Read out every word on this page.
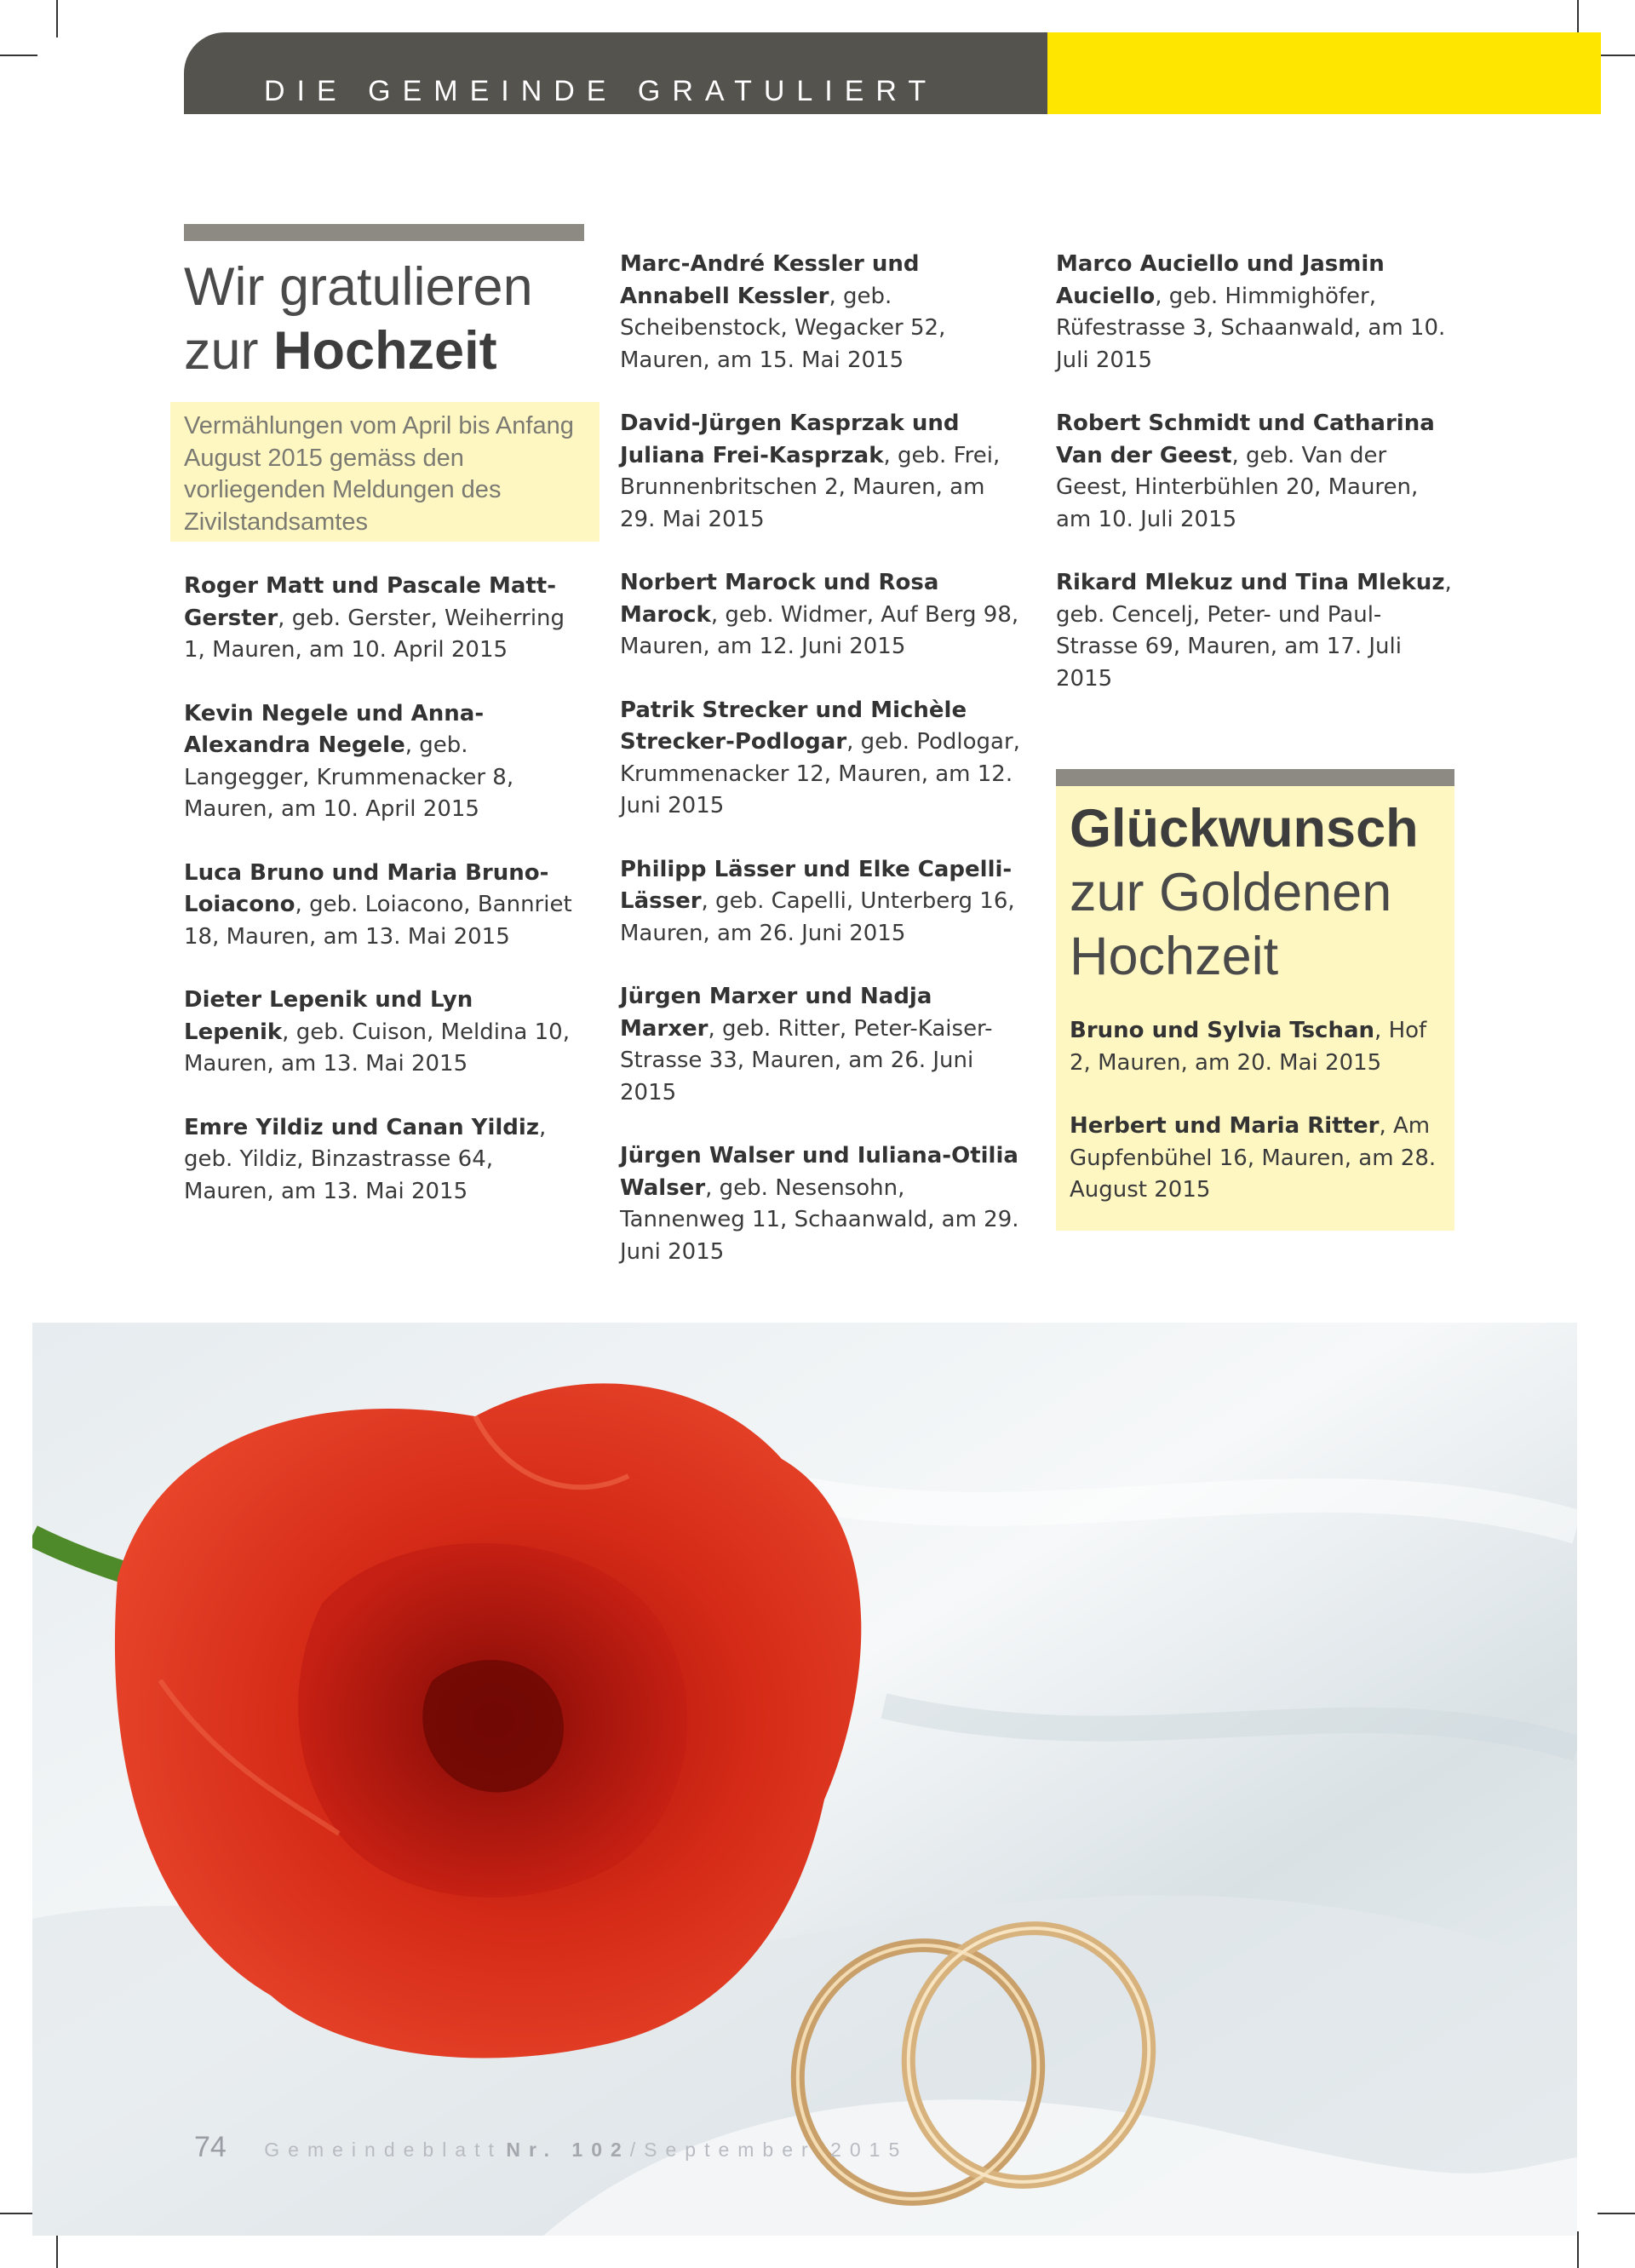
DIE GEMEINDE GRATULIERT
Wir gratulieren
zur Hochzeit
Vermählungen vom April bis Anfang August 2015 gemäss den vorliegenden Meldungen des Zivilstandsamtes

Roger Matt und Pascale Matt-Gerster, geb. Gerster, Weiherring 1, Mauren, am 10. April 2015

Kevin Negele und Anna-Alexandra Negele, geb. Langegger, Krummenacker 8, Mauren, am 10. April 2015

Luca Bruno und Maria Bruno-Loiacono, geb. Loiacono, Bannriet 18, Mauren, am 13. Mai 2015

Dieter Lepenik und Lyn Lepenik, geb. Cuison, Meldina 10, Mauren, am 13. Mai 2015

Emre Yildiz und Canan Yildiz, geb. Yildiz, Binzastrasse 64, Mauren, am 13. Mai 2015

Marc-André Kessler und Annabell Kessler, geb. Scheibenstock, Wegacker 52, Mauren, am 15. Mai 2015

David-Jürgen Kasprzak und Juliana Frei-Kasprzak, geb. Frei, Brunnenbritschen 2, Mauren, am 29. Mai 2015

Norbert Marock und Rosa Marock, geb. Widmer, Auf Berg 98, Mauren, am 12. Juni 2015

Patrik Strecker und Michèle Strecker-Podlogar, geb. Podlogar, Krummenacker 12, Mauren, am 12. Juni 2015

Philipp Lässer und Elke Capelli-Lässer, geb. Capelli, Unterberg 16, Mauren, am 26. Juni 2015

Jürgen Marxer und Nadja Marxer, geb. Ritter, Peter-Kaiser-Strasse 33, Mauren, am 26. Juni 2015

Jürgen Walser und Iuliana-Otilia Walser, geb. Nesensohn, Tannenweg 11, Schaanwald, am 29. Juni 2015

Marco Auciello und Jasmin Auciello, geb. Himmighöfer, Rüfestrasse 3, Schaanwald, am 10. Juli 2015

Robert Schmidt und Catharina Van der Geest, geb. Van der Geest, Hinterbühlen 20, Mauren, am 10. Juli 2015

Rikard Mlekuz und Tina Mlekuz, geb. Cencelj, Peter- und Paul-Strasse 69, Mauren, am 17. Juli 2015

Glückwunsch
zur Goldenen
Hochzeit

Bruno und Sylvia Tschan, Hof 2, Mauren, am 20. Mai 2015

Herbert und Maria Ritter, Am Gupfenbühel 16, Mauren, am 28. August 2015

74 Gemeindeblatt Nr. 102/September 2015
